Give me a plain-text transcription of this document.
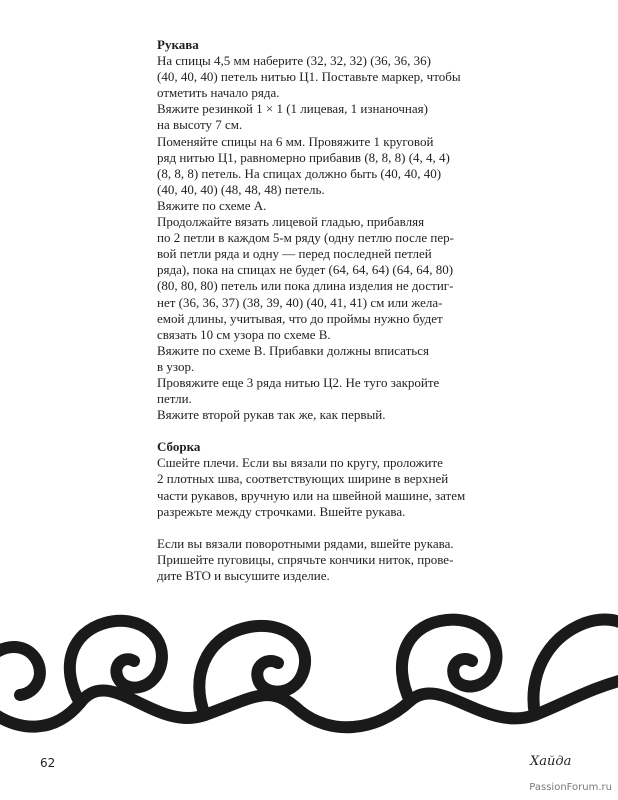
Рукава

На спицы 4,5 мм наберите (32, 32, 32) (36, 36, 36)

(40, 40, 40) петель нитью Ц1. Поставьте маркер, чтобы

отметить начало ряда.

Вяжите резинкой 1 × 1 (1 лицевая, 1 изнаночная)

на высоту 7 см.

Поменяйте спицы на 6 мм. Провяжите 1 круговой

ряд нитью Ц1, равномерно прибавив (8, 8, 8) (4, 4, 4)

(8, 8, 8) петель. На спицах должно быть (40, 40, 40)

(40, 40, 40) (48, 48, 48) петель.

Вяжите по схеме А.

Продолжайте вязать лицевой гладью, прибавляя

по 2 петли в каждом 5-м ряду (одну петлю после пер-

вой петли ряда и одну — перед последней петлей

ряда), пока на спицах не будет (64, 64, 64) (64, 64, 80)

(80, 80, 80) петель или пока длина изделия не достиг-

нет (36, 36, 37) (38, 39, 40) (40, 41, 41) см или жела-

емой длины, учитывая, что до проймы нужно будет

связать 10 см узора по схеме В.

Вяжите по схеме В. Прибавки должны вписаться

в узор.

Провяжите еще 3 ряда нитью Ц2. Не туго закройте

петли.

Вяжите второй рукав так же, как первый.

Сборка

Сшейте плечи. Если вы вязали по кругу, проложите

2 плотных шва, соответствующих ширине в верхней

части рукавов, вручную или на швейной машине, затем

разрежьте между строчками. Вшейте рукава.

Если вы вязали поворотными рядами, вшейте рукава.

Пришейте пуговицы, спрячьте кончики ниток, прове-

дите ВТО и высушите изделие.

62	Хайда
PassionForum.ru
